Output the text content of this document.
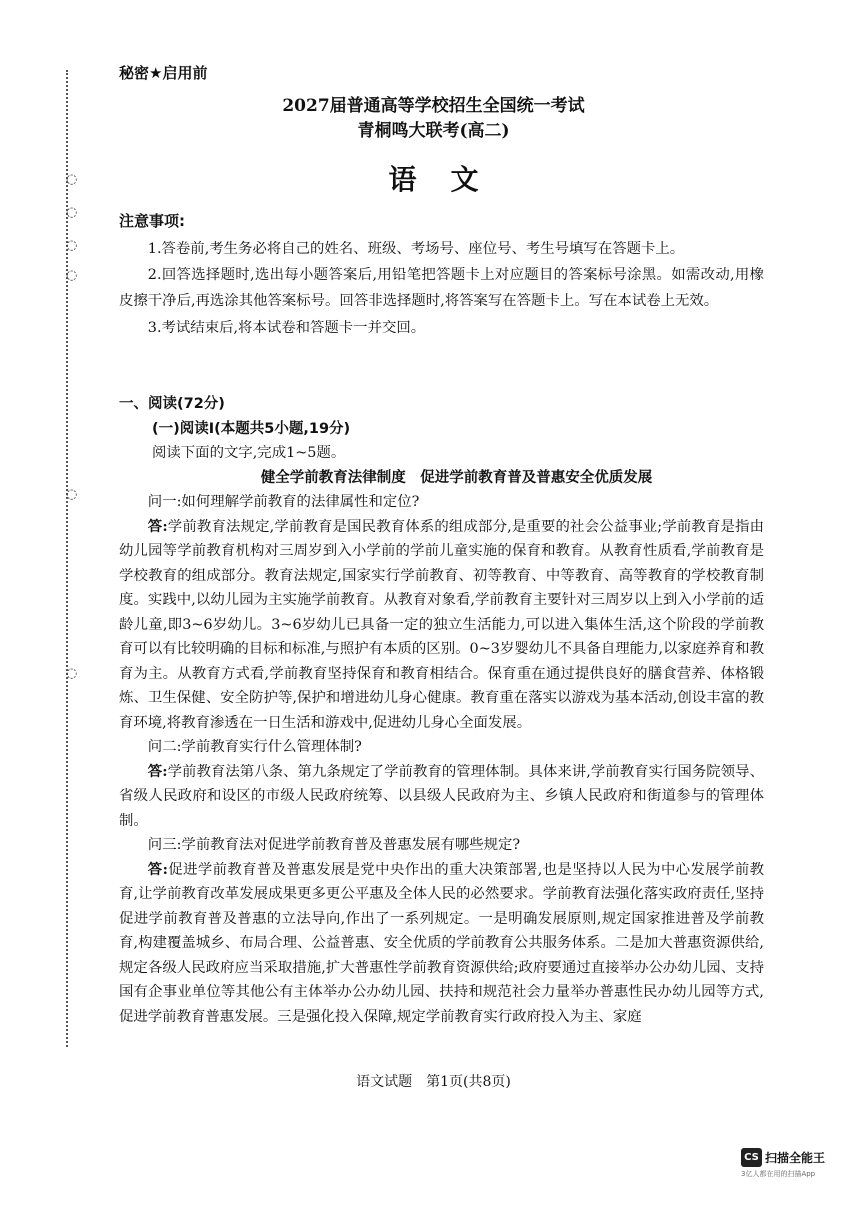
◌
◌
◌
◌
◌
◌
秘密★启用前
2027届普通高等学校招生全国统一考试
青桐鸣大联考(高二)
语文
注意事项:
1.答卷前,考生务必将自己的姓名、班级、考场号、座位号、考生号填写在答题卡上。
2.回答选择题时,选出每小题答案后,用铅笔把答题卡上对应题目的答案标号涂黑。如需改动,用橡皮擦干净后,再选涂其他答案标号。回答非选择题时,将答案写在答题卡上。写在本试卷上无效。
3.考试结束后,将本试卷和答题卡一并交回。
一、阅读(72分)
(一)阅读Ⅰ(本题共5小题,19分)
阅读下面的文字,完成1~5题。
健全学前教育法律制度　促进学前教育普及普惠安全优质发展
问一:如何理解学前教育的法律属性和定位?
答:学前教育法规定,学前教育是国民教育体系的组成部分,是重要的社会公益事业;学前教育是指由幼儿园等学前教育机构对三周岁到入小学前的学前儿童实施的保育和教育。从教育性质看,学前教育是学校教育的组成部分。教育法规定,国家实行学前教育、初等教育、中等教育、高等教育的学校教育制度。实践中,以幼儿园为主实施学前教育。从教育对象看,学前教育主要针对三周岁以上到入小学前的适龄儿童,即3~6岁幼儿。3~6岁幼儿已具备一定的独立生活能力,可以进入集体生活,这个阶段的学前教育可以有比较明确的目标和标准,与照护有本质的区别。0~3岁婴幼儿不具备自理能力,以家庭养育和教育为主。从教育方式看,学前教育坚持保育和教育相结合。保育重在通过提供良好的膳食营养、体格锻炼、卫生保健、安全防护等,保护和增进幼儿身心健康。教育重在落实以游戏为基本活动,创设丰富的教育环境,将教育渗透在一日生活和游戏中,促进幼儿身心全面发展。
问二:学前教育实行什么管理体制?
答:学前教育法第八条、第九条规定了学前教育的管理体制。具体来讲,学前教育实行国务院领导、省级人民政府和设区的市级人民政府统筹、以县级人民政府为主、乡镇人民政府和街道参与的管理体制。
问三:学前教育法对促进学前教育普及普惠发展有哪些规定?
答:促进学前教育普及普惠发展是党中央作出的重大决策部署,也是坚持以人民为中心发展学前教育,让学前教育改革发展成果更多更公平惠及全体人民的必然要求。学前教育法强化落实政府责任,坚持促进学前教育普及普惠的立法导向,作出了一系列规定。一是明确发展原则,规定国家推进普及学前教育,构建覆盖城乡、布局合理、公益普惠、安全优质的学前教育公共服务体系。二是加大普惠资源供给,规定各级人民政府应当采取措施,扩大普惠性学前教育资源供给;政府要通过直接举办公办幼儿园、支持国有企事业单位等其他公有主体举办公办幼儿园、扶持和规范社会力量举办普惠性民办幼儿园等方式,促进学前教育普惠发展。三是强化投入保障,规定学前教育实行政府投入为主、家庭
语文试题　第1页(共8页)
CS 扫描全能王
3亿人都在用的扫描App
